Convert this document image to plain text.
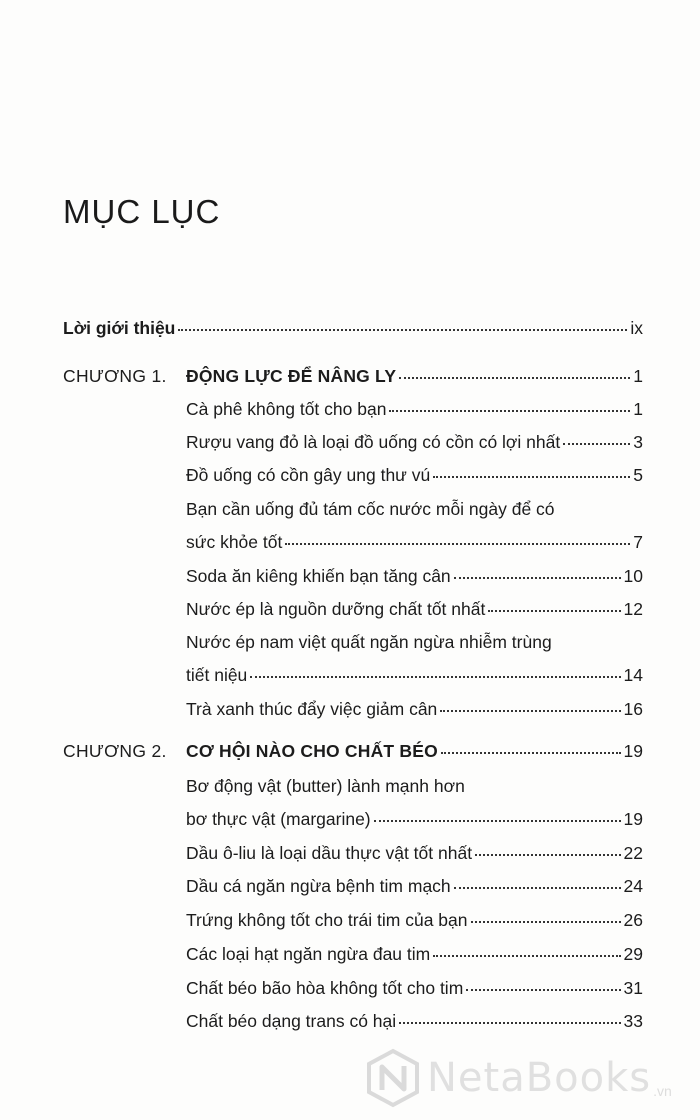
MỤC LỤC
Lời giới thiệu	ix
CHƯƠNG 1. ĐỘNG LỰC ĐỂ NÂNG LY	1
Cà phê không tốt cho bạn	1
Rượu vang đỏ là loại đồ uống có cồn có lợi nhất	3
Đồ uống có cồn gây ung thư vú	5
Bạn cần uống đủ tám cốc nước mỗi ngày để có
sức khỏe tốt	7
Soda ăn kiêng khiến bạn tăng cân	10
Nước ép là nguồn dưỡng chất tốt nhất	12
Nước ép nam việt quất ngăn ngừa nhiễm trùng
tiết niệu	14
Trà xanh thúc đẩy việc giảm cân	16
CHƯƠNG 2. CƠ HỘI NÀO CHO CHẤT BÉO	19
Bơ động vật (butter) lành mạnh hơn
bơ thực vật (margarine)	19
Dầu ô-liu là loại dầu thực vật tốt nhất	22
Dầu cá ngăn ngừa bệnh tim mạch	24
Trứng không tốt cho trái tim của bạn	26
Các loại hạt ngăn ngừa đau tim	29
Chất béo bão hòa không tốt cho tim	31
Chất béo dạng trans có hại	33
NetaBooks .vn
